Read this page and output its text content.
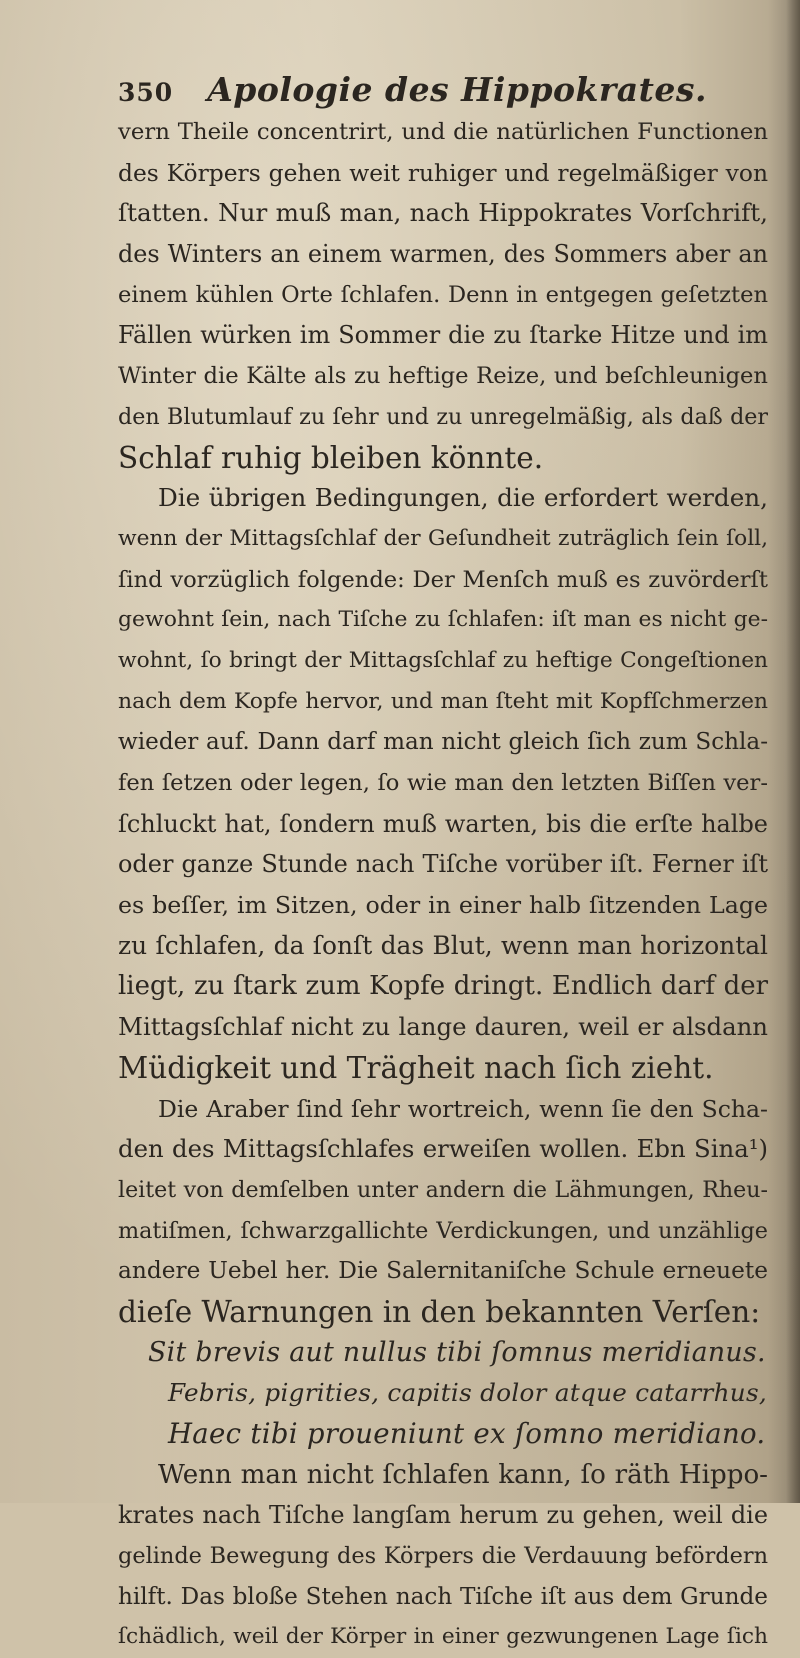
350 Apologie des Hippokrates.
vern Theile concentrirt, und die natürlichen Functionen
des Körpers gehen weit ruhiger und regelmäßiger von
ſtatten. Nur muß man, nach Hippokrates Vorſchrift,
des Winters an einem warmen, des Sommers aber an
einem kühlen Orte ſchlafen. Denn in entgegen geſetzten
Fällen würken im Sommer die zu ſtarke Hitze und im
Winter die Kälte als zu heftige Reize, und beſchleunigen
den Blutumlauf zu ſehr und zu unregelmäßig, als daß der
Schlaf ruhig bleiben könnte.
Die übrigen Bedingungen, die erfordert werden,
wenn der Mittagsſchlaf der Geſundheit zuträglich ſein ſoll,
ſind vorzüglich folgende: Der Menſch muß es zuvörderſt
gewohnt ſein, nach Tiſche zu ſchlafen: iſt man es nicht ge-
wohnt, ſo bringt der Mittagsſchlaf zu heftige Congeſtionen
nach dem Kopfe hervor, und man ſteht mit Kopfſchmerzen
wieder auf. Dann darf man nicht gleich ſich zum Schla-
fen ſetzen oder legen, ſo wie man den letzten Biſſen ver-
ſchluckt hat, ſondern muß warten, bis die erſte halbe
oder ganze Stunde nach Tiſche vorüber iſt. Ferner iſt
es beſſer, im Sitzen, oder in einer halb ſitzenden Lage
zu ſchlafen, da ſonſt das Blut, wenn man horizontal
liegt, zu ſtark zum Kopfe dringt. Endlich darf der
Mittagsſchlaf nicht zu lange dauren, weil er alsdann
Müdigkeit und Trägheit nach ſich zieht.
Die Araber ſind ſehr wortreich, wenn ſie den Scha-
den des Mittagsſchlafes erweiſen wollen. Ebn Sina¹)
leitet von demſelben unter andern die Lähmungen, Rheu-
matiſmen, ſchwarzgallichte Verdickungen, und unzählige
andere Uebel her. Die Salernitaniſche Schule erneuete
dieſe Warnungen in den bekannten Verſen:
Sit brevis aut nullus tibi ſomnus meridianus.
Febris, pigrities, capitis dolor atque catarrhus,
Haec tibi proueniunt ex ſomno meridiano.
Wenn man nicht ſchlafen kann, ſo räth Hippo-
krates nach Tiſche langſam herum zu gehen, weil die
gelinde Bewegung des Körpers die Verdauung befördern
hilft. Das bloße Stehen nach Tiſche iſt aus dem Grunde
ſchädlich, weil der Körper in einer gezwungenen Lage ſich
